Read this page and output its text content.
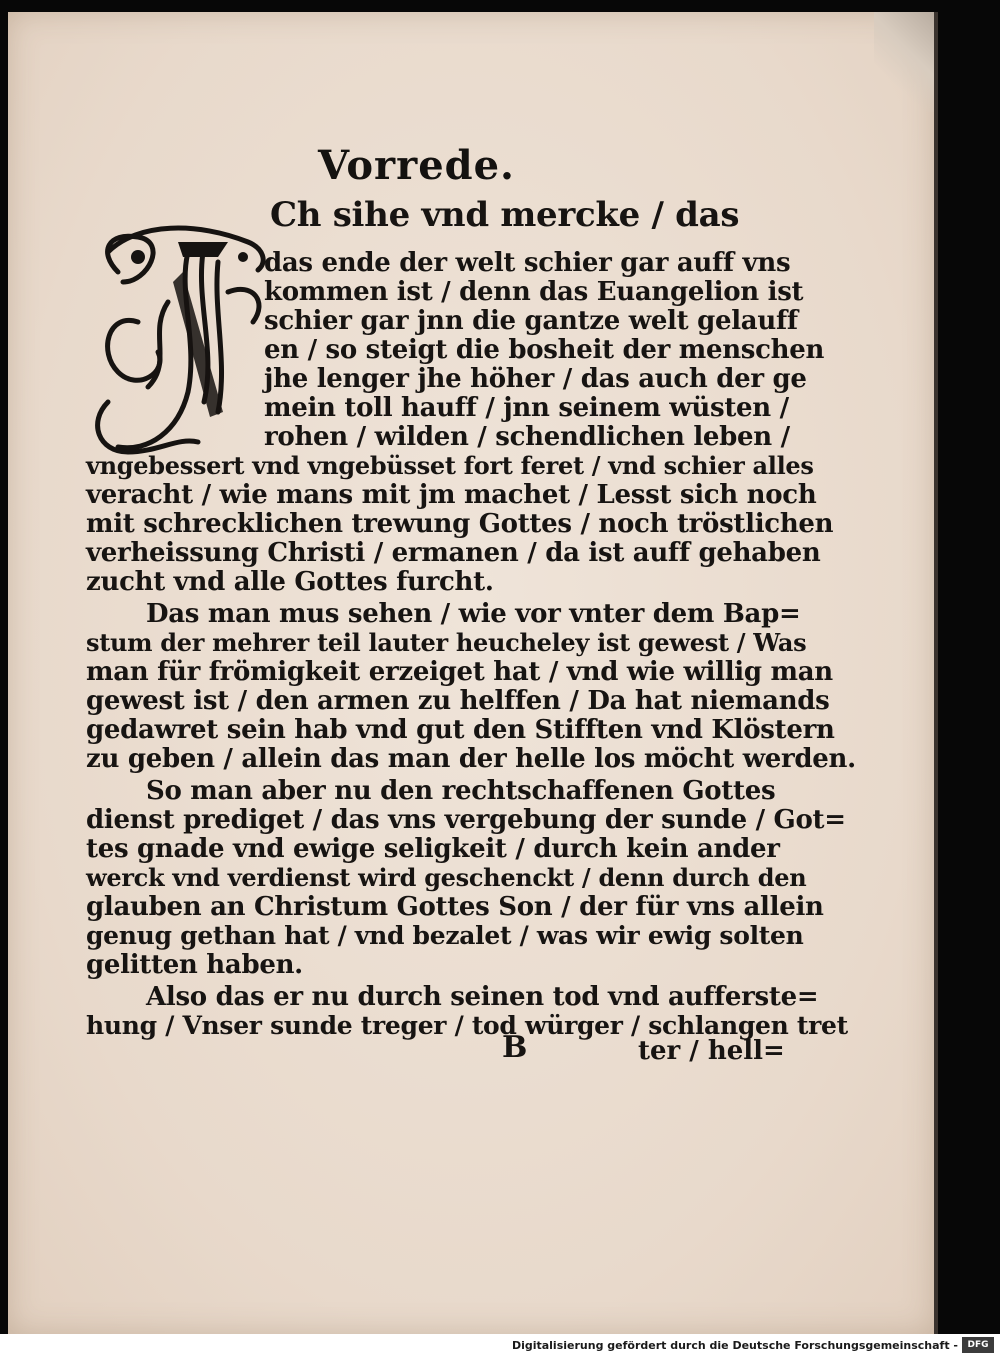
Vorrede.
Ch sihe vnd mercke / das
das ende der welt schier gar auff vns
kommen ist / denn das Euangelion ist
schier gar jnn die gantze welt gelauff
en / so steigt die bosheit der menschen
jhe lenger jhe höher / das auch der ge
mein toll hauff / jnn seinem wüsten /
rohen / wilden / schendlichen leben /
vngebessert vnd vngebüsset fort feret / vnd schier alles
veracht / wie mans mit jm machet / Lesst sich noch
mit schrecklichen trewung Gottes / noch tröstlichen
verheissung Christi / ermanen / da ist auff gehaben
zucht vnd alle Gottes furcht.
Das man mus sehen / wie vor vnter dem Bap=
stum der mehrer teil lauter heucheley ist gewest / Was
man für frömigkeit erzeiget hat / vnd wie willig man
gewest ist / den armen zu helffen / Da hat niemands
gedawret sein hab vnd gut den Stifften vnd Klöstern
zu geben / allein das man der helle los möcht werden.
So man aber nu den rechtschaffenen Gottes
dienst prediget / das vns vergebung der sunde / Got=
tes gnade vnd ewige seligkeit / durch kein ander
werck vnd verdienst wird geschenckt / denn durch den
glauben an Christum Gottes Son / der für vns allein
genug gethan hat / vnd bezalet / was wir ewig solten
gelitten haben.
Also das er nu durch seinen tod vnd aufferste=
hung / Vnser sunde treger / tod würger / schlangen tret
B	ter / hell=
Digitalisierung gefördert durch die Deutsche Forschungsgemeinschaft -	DFG
